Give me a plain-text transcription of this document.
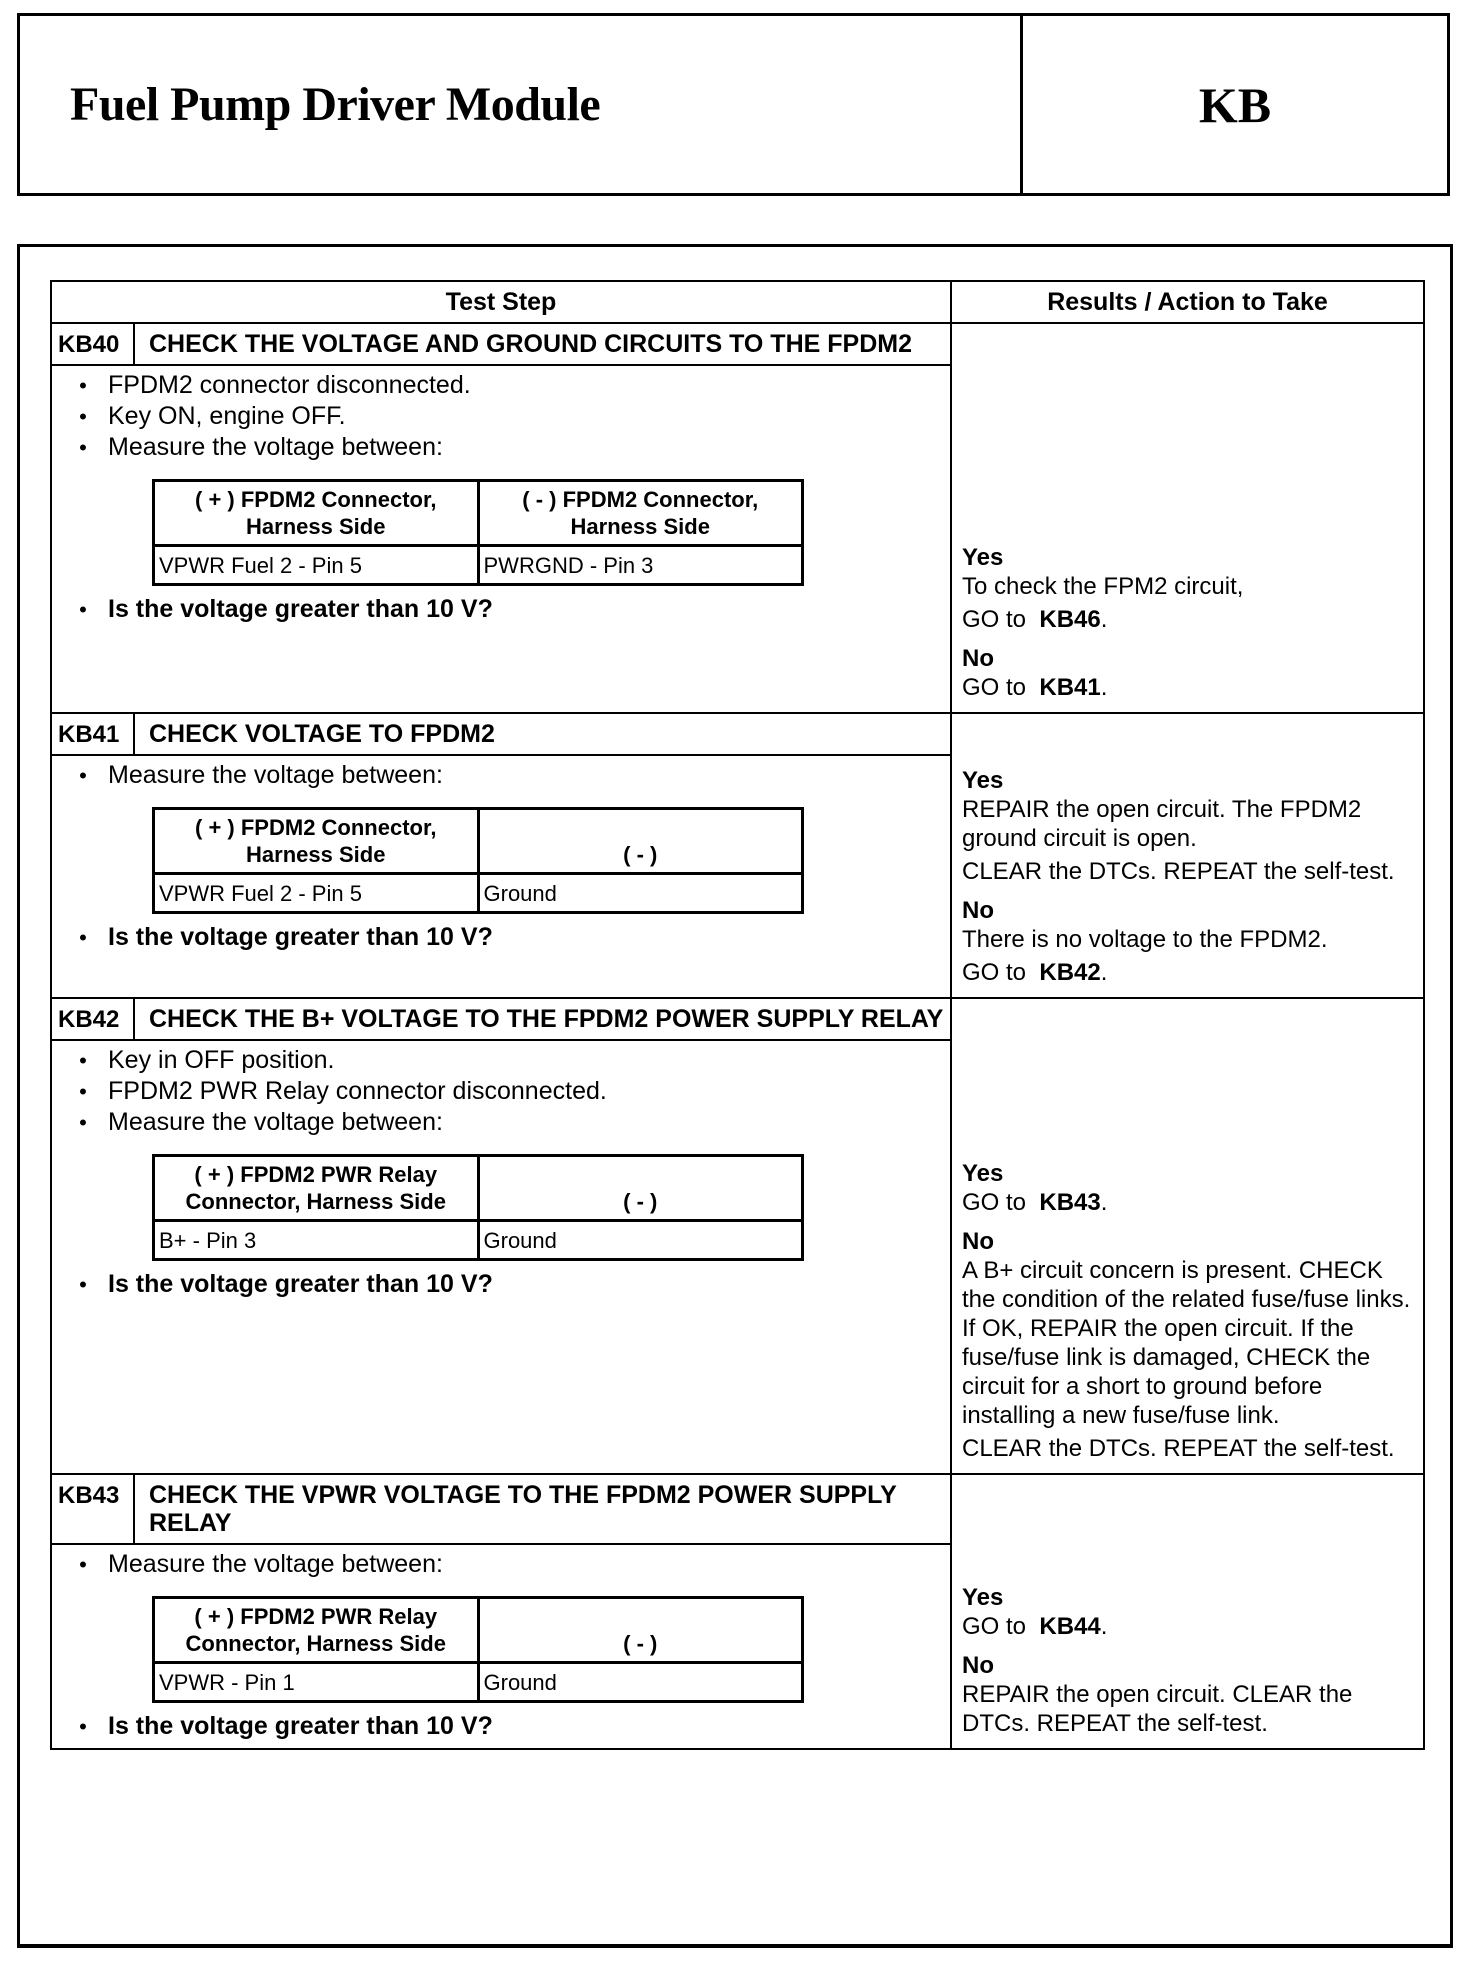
Fuel Pump Driver Module	KB
Test Step	Results / Action to Take
KB40	CHECK THE VOLTAGE AND GROUND CIRCUITS TO THE FPDM2
• FPDM2 connector disconnected.
• Key ON, engine OFF.
• Measure the voltage between:
( + ) FPDM2 Connector, Harness Side	( - ) FPDM2 Connector, Harness Side
VPWR Fuel 2 - Pin 5	PWRGND - Pin 3
• Is the voltage greater than 10 V?
Yes
To check the FPM2 circuit,
GO to KB46.
No
GO to KB41.
KB41	CHECK VOLTAGE TO FPDM2
• Measure the voltage between:
( + ) FPDM2 Connector, Harness Side	( - )
VPWR Fuel 2 - Pin 5	Ground
• Is the voltage greater than 10 V?
Yes
REPAIR the open circuit. The FPDM2 ground circuit is open.
CLEAR the DTCs. REPEAT the self-test.
No
There is no voltage to the FPDM2.
GO to KB42.
KB42	CHECK THE B+ VOLTAGE TO THE FPDM2 POWER SUPPLY RELAY
• Key in OFF position.
• FPDM2 PWR Relay connector disconnected.
• Measure the voltage between:
( + ) FPDM2 PWR Relay Connector, Harness Side	( - )
B+ - Pin 3	Ground
• Is the voltage greater than 10 V?
Yes
GO to KB43.
No
A B+ circuit concern is present. CHECK the condition of the related fuse/fuse links. If OK, REPAIR the open circuit. If the fuse/fuse link is damaged, CHECK the circuit for a short to ground before installing a new fuse/fuse link.
CLEAR the DTCs. REPEAT the self-test.
KB43	CHECK THE VPWR VOLTAGE TO THE FPDM2 POWER SUPPLY RELAY
• Measure the voltage between:
( + ) FPDM2 PWR Relay Connector, Harness Side	( - )
VPWR - Pin 1	Ground
• Is the voltage greater than 10 V?
Yes
GO to KB44.
No
REPAIR the open circuit. CLEAR the DTCs. REPEAT the self-test.
